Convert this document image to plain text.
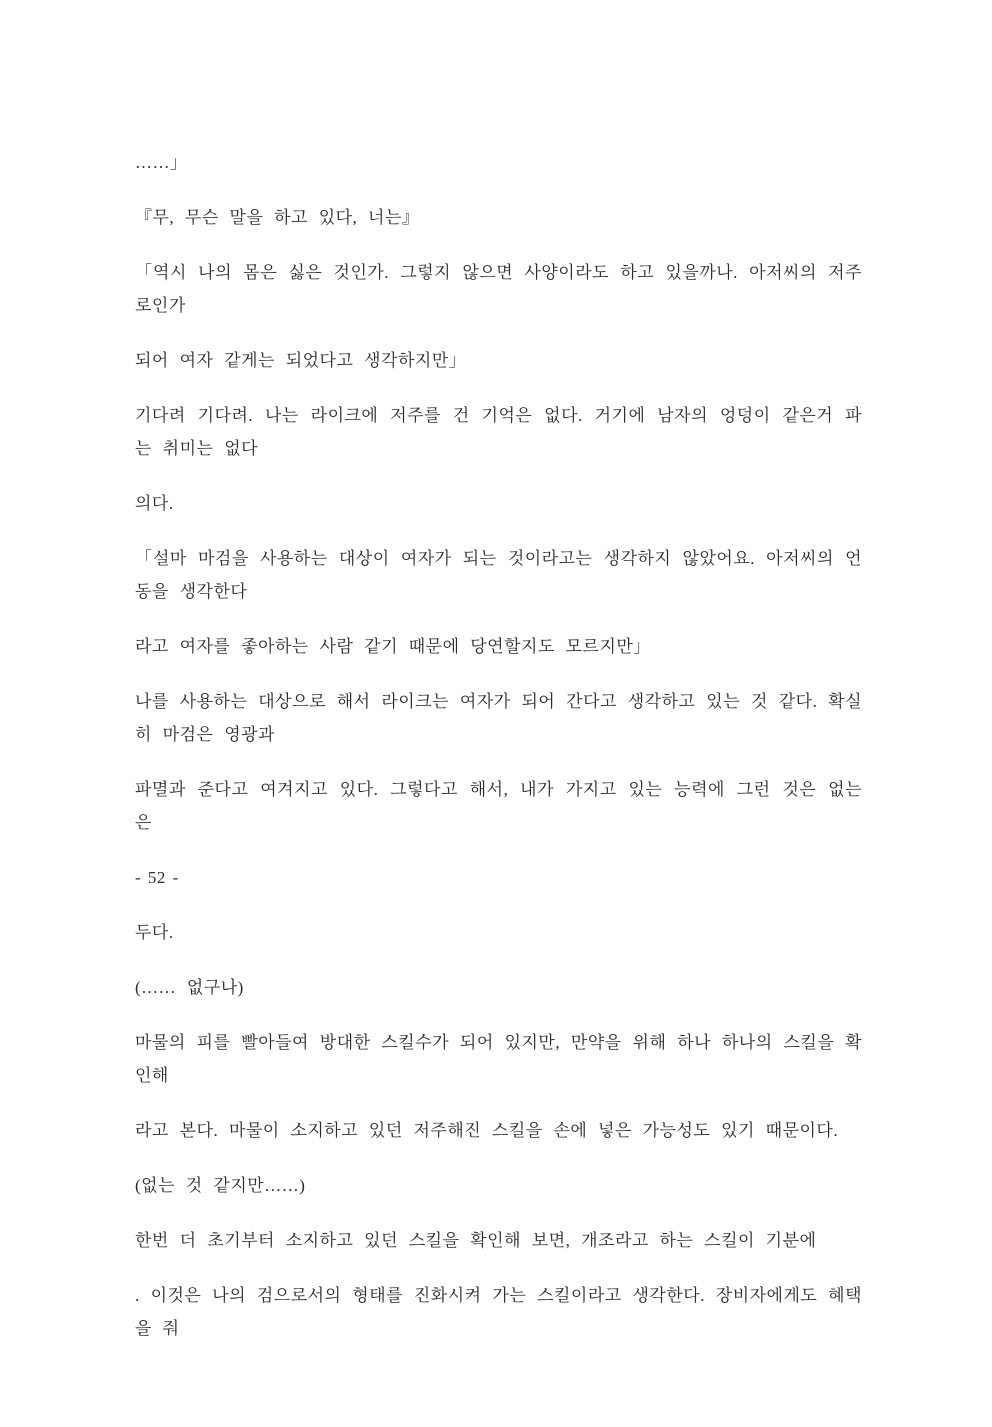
……」

『무, 무슨 말을 하고 있다, 너는』

「역시 나의 몸은 싫은 것인가. 그렇지 않으면 사양이라도 하고 있을까나. 아저씨의 저주로인가

되어 여자 같게는 되었다고 생각하지만」

기다려 기다려. 나는 라이크에 저주를 건 기억은 없다. 거기에 남자의 엉덩이 같은거 파는 취미는 없다

의다.

「설마 마검을 사용하는 대상이 여자가 되는 것이라고는 생각하지 않았어요. 아저씨의 언동을 생각한다

라고 여자를 좋아하는 사람 같기 때문에 당연할지도 모르지만」

나를 사용하는 대상으로 해서 라이크는 여자가 되어 간다고 생각하고 있는 것 같다. 확실히 마검은 영광과

파멸과 준다고 여겨지고 있다. 그렇다고 해서, 내가 가지고 있는 능력에 그런 것은 없는은

- 52 -

두다.

(…… 없구나)

마물의 피를 빨아들여 방대한 스킬수가 되어 있지만, 만약을 위해 하나 하나의 스킬을 확인해

라고 본다. 마물이 소지하고 있던 저주해진 스킬을 손에 넣은 가능성도 있기 때문이다.

(없는 것 같지만……)

한번 더 초기부터 소지하고 있던 스킬을 확인해 보면, 개조라고 하는 스킬이 기분에

. 이것은 나의 검으로서의 형태를 진화시켜 가는 스킬이라고 생각한다. 장비자에게도 혜택을 줘
